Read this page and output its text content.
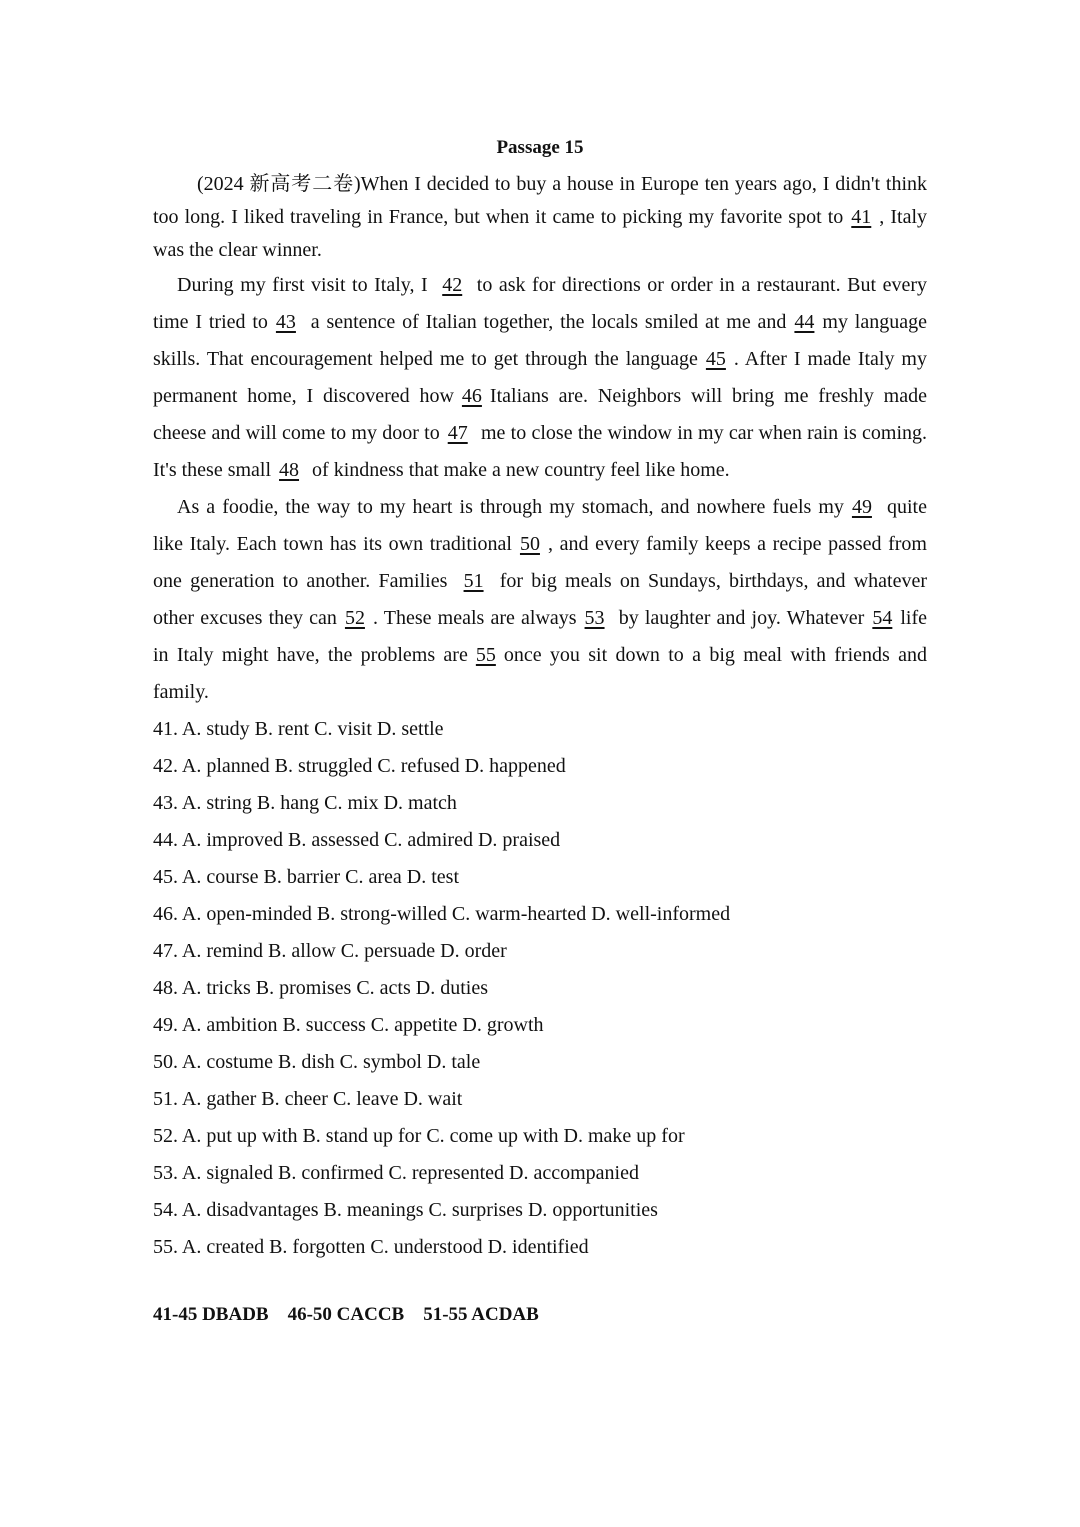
Passage 15

(2024 新高考二卷)When I decided to buy a house in Europe ten years ago, I didn't think too long. I liked traveling in France, but when it came to picking my favorite spot to 41 , Italy was the clear winner.

During my first visit to Italy, I 42 to ask for directions or order in a restaurant. But every time I tried to 43 a sentence of Italian together, the locals smiled at me and 44 my language skills. That encouragement helped me to get through the language 45 . After I made Italy my permanent home, I discovered how 46 Italians are. Neighbors will bring me freshly made cheese and will come to my door to 47 me to close the window in my car when rain is coming. It's these small 48 of kindness that make a new country feel like home.

As a foodie, the way to my heart is through my stomach, and nowhere fuels my 49 quite like Italy. Each town has its own traditional 50 , and every family keeps a recipe passed from one generation to another. Families 51 for big meals on Sundays, birthdays, and whatever other excuses they can 52 . These meals are always 53 by laughter and joy. Whatever 54 life in Italy might have, the problems are 55 once you sit down to a big meal with friends and family.

41. A. study B. rent C. visit D. settle
42. A. planned B. struggled C. refused D. happened
43. A. string B. hang C. mix D. match
44. A. improved B. assessed C. admired D. praised
45. A. course B. barrier C. area D. test
46. A. open-minded B. strong-willed C. warm-hearted D. well-informed
47. A. remind B. allow C. persuade D. order
48. A. tricks B. promises C. acts D. duties
49. A. ambition B. success C. appetite D. growth
50. A. costume B. dish C. symbol D. tale
51. A. gather B. cheer C. leave D. wait
52. A. put up with B. stand up for C. come up with D. make up for
53. A. signaled B. confirmed C. represented D. accompanied
54. A. disadvantages B. meanings C. surprises D. opportunities
55. A. created B. forgotten C. understood D. identified
41-45 DBADB    46-50 CACCB    51-55 ACDAB
